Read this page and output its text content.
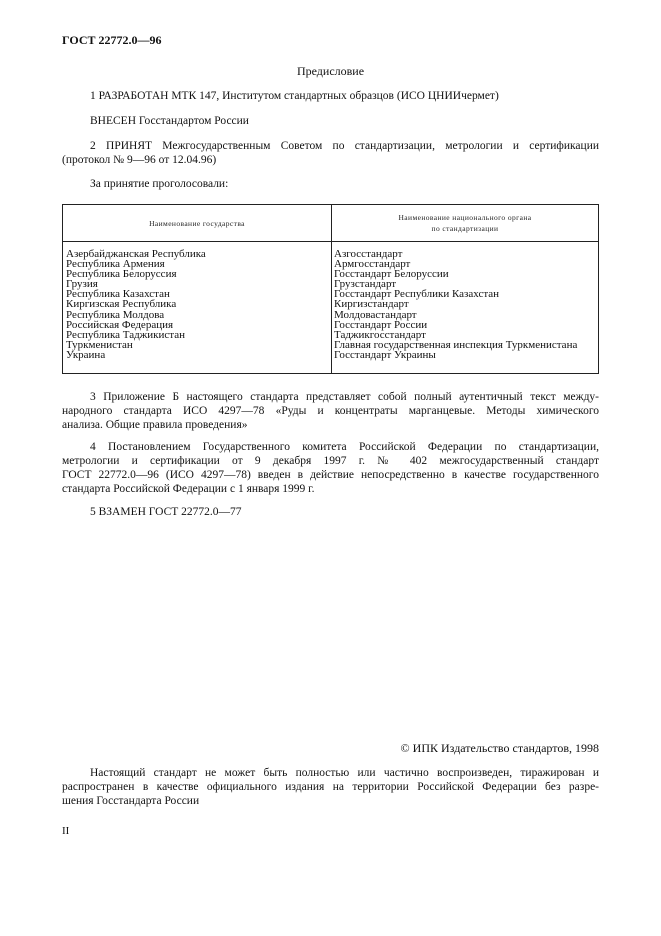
ГОСТ 22772.0—96
Предисловие
1 РАЗРАБОТАН МТК 147, Институтом стандартных образцов (ИСО ЦНИИчермет)
ВНЕСЕН Госстандартом России
2 ПРИНЯТ Межгосударственным Советом по стандартизации, метрологии и сертификации
(протокол № 9—96 от 12.04.96)
За принятие проголосовали:
Наименование государства
Наименование национального органа
по стандартизации
Азербайджанская Республика
Республика Армения
Республика Белоруссия
Грузия
Республика Казахстан
Киргизская Республика
Республика Молдова
Российская Федерация
Республика Таджикистан
Туркменистан
Украина
Азгосстандарт
Армгосстандарт
Госстандарт Белоруссии
Грузстандарт
Госстандарт Республики Казахстан
Киргизстандарт
Молдовастандарт
Госстандарт России
Таджикгосстандарт
Главная государственная инспекция Туркменистана
Госстандарт Украины
3 Приложение Б настоящего стандарта представляет собой полный аутентичный текст между-
народного стандарта ИСО 4297—78 «Руды и концентраты марганцевые. Методы химического
анализа. Общие правила проведения»
4 Постановлением Государственного комитета Российской Федерации по стандартизации,
метрологии и сертификации от 9 декабря 1997 г. № 402 межгосударственный стандарт
ГОСТ 22772.0—96 (ИСО 4297—78) введен в действие непосредственно в качестве государственного
стандарта Российской Федерации с 1 января 1999 г.
5 ВЗАМЕН ГОСТ 22772.0—77
© ИПК Издательство стандартов, 1998
Настоящий стандарт не может быть полностью или частично воспроизведен, тиражирован и
распространен в качестве официального издания на территории Российской Федерации без разре-
шения Госстандарта России
II
